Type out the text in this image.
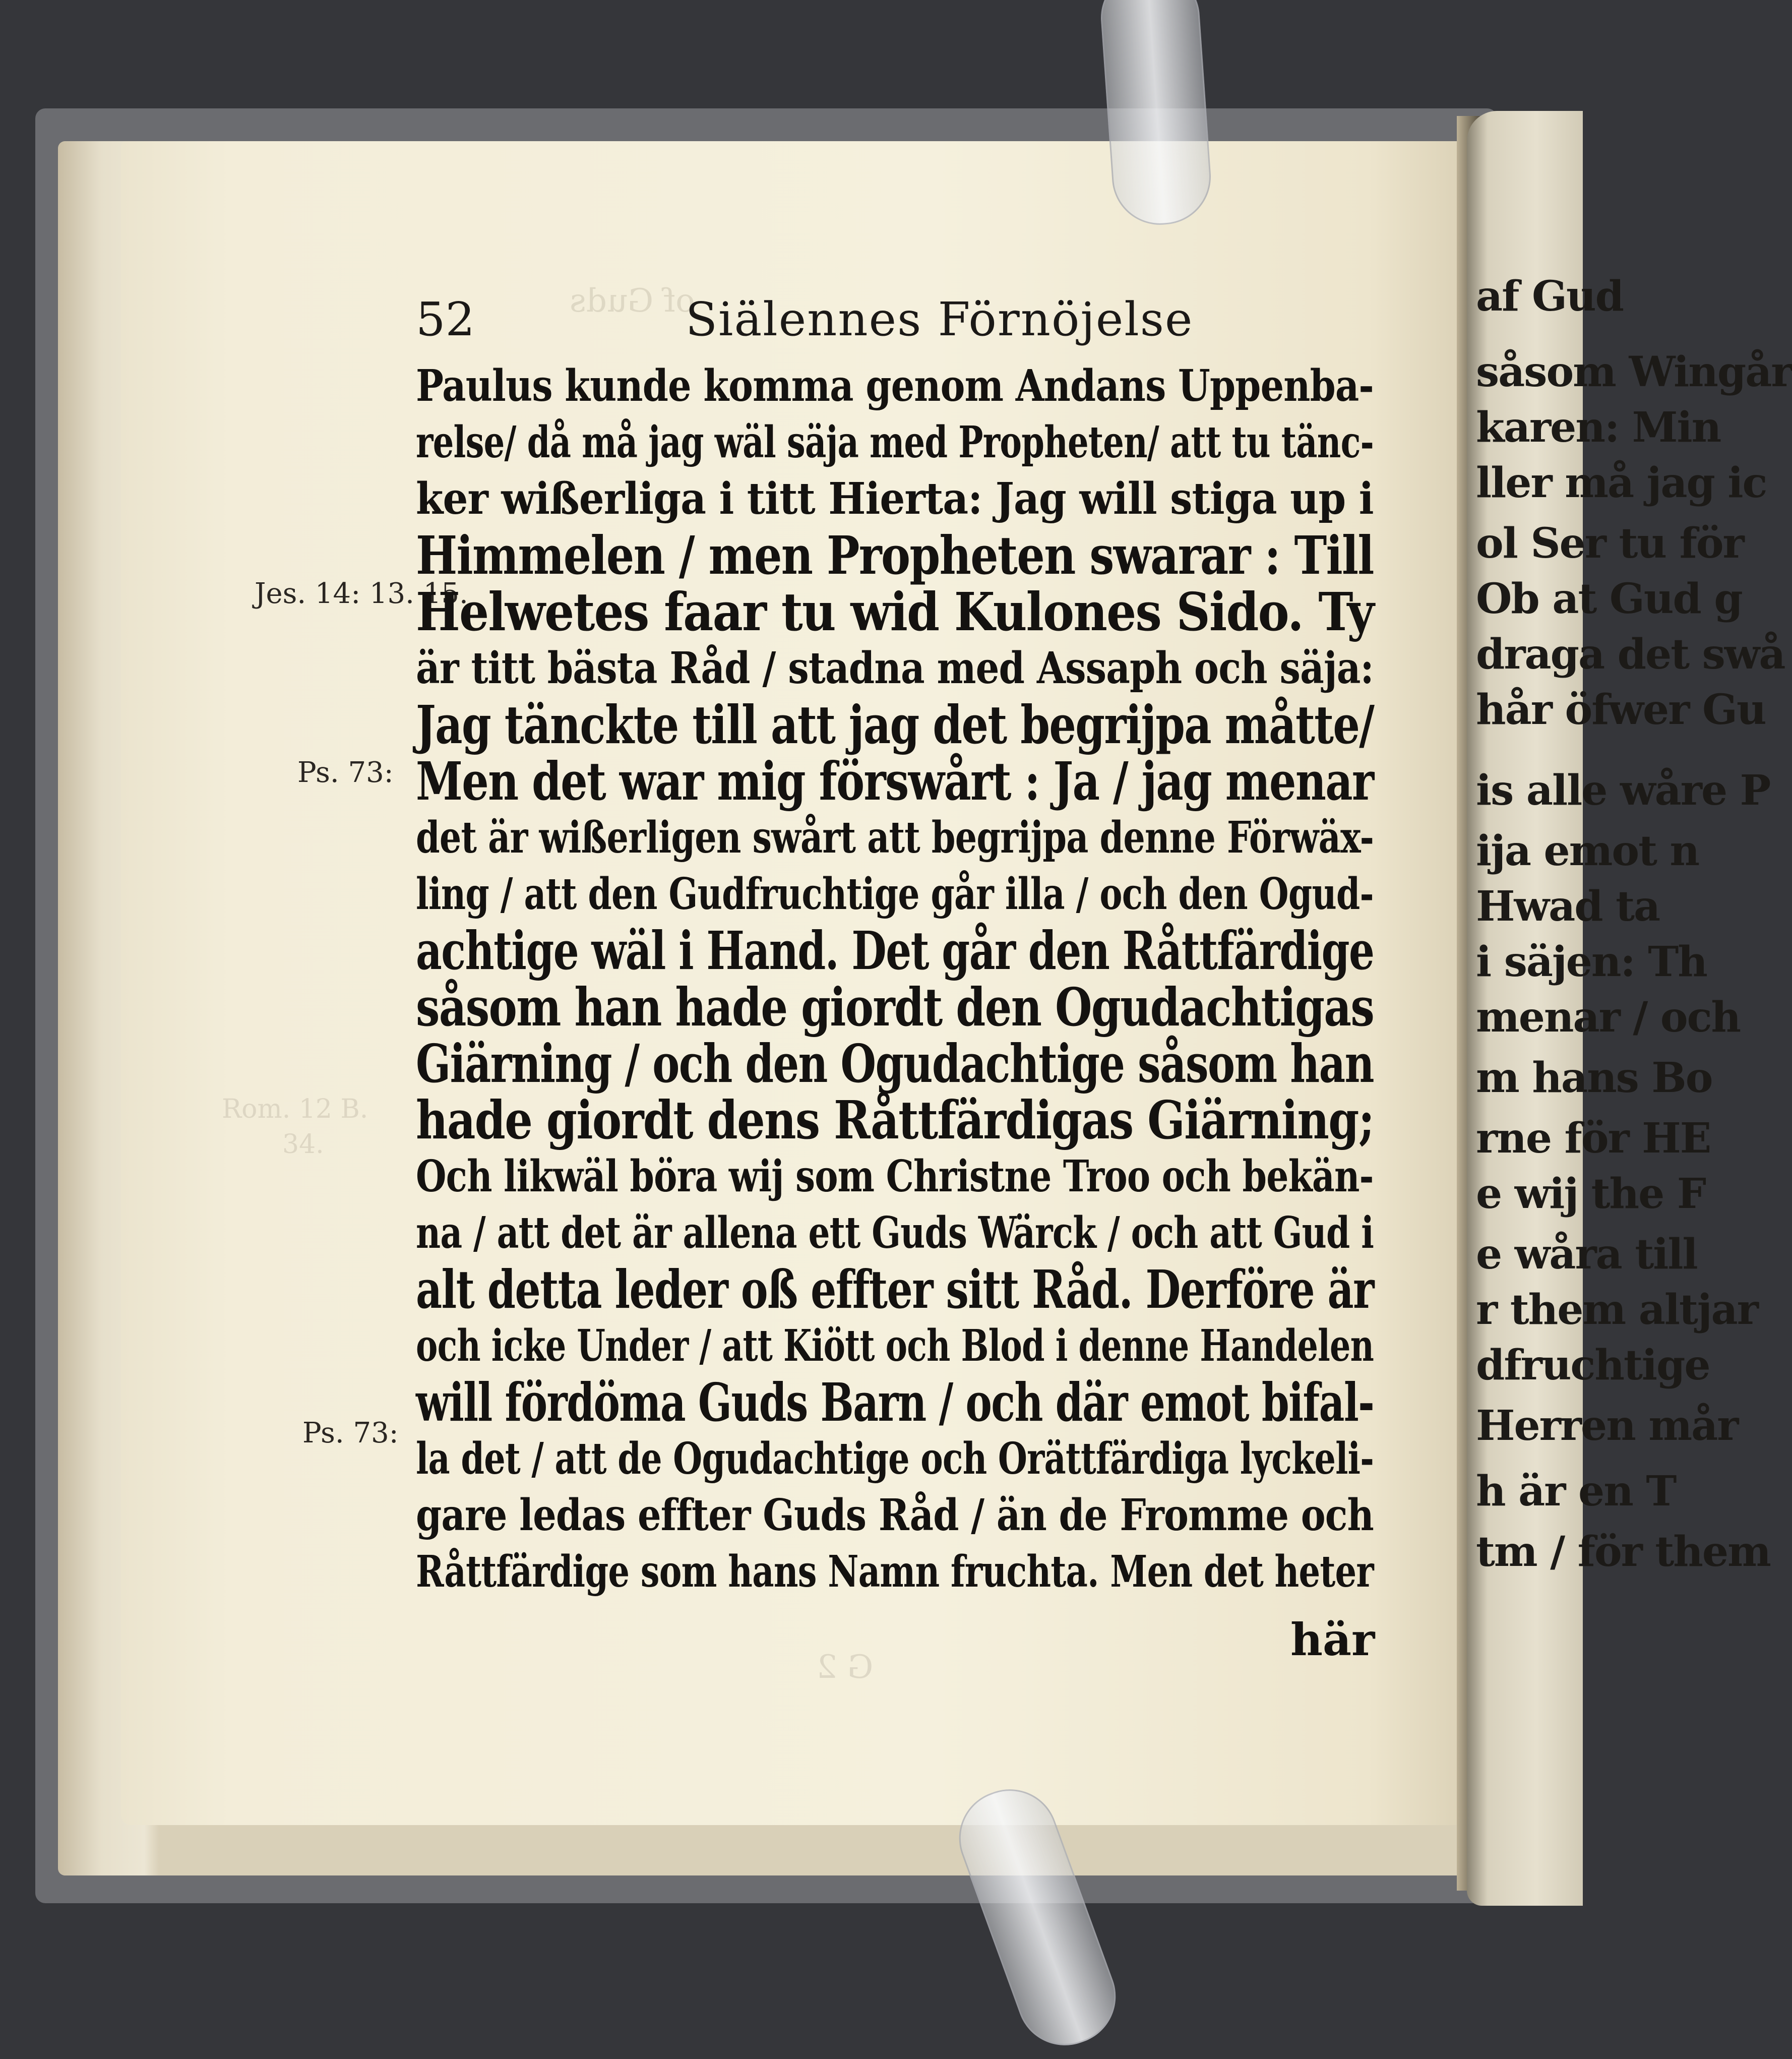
af Gud
såsom Wingår
karen: Min
ller må jag ic
ol Ser tu för
Ob at Gud g
draga det swå
hår öfwer Gu
is alle wåre P
ija emot n
Hwad ta
i säjen: Th
menar / och
m hans Bo
rne för HE
e wij the F
e wåra till
r them altjar
dfruchtige
Herren mår
h är en T
tm / för them
of Guds
Rom. 12 B.
34.
G 2
52	Siälennes Förnöjelse
Jes. 14: 13. 15.
Ps. 73:
Ps. 73:
Paulus kunde komma genom Andans Uppenba-
relse/ då må jag wäl säja med Propheten/ att tu tänc-
ker wißerliga i titt Hierta: Jag will stiga up i
Himmelen / men Propheten swarar : Till
Helwetes faar tu wid Kulones Sido. Ty
är titt bästa Råd / stadna med Assaph och säja:
Jag tänckte till att jag det begrijpa måtte/
Men det war mig förswårt : Ja / jag menar
det är wißerligen swårt att begrijpa denne Förwäx-
ling / att den Gudfruchtige går illa / och den Ogud-
achtige wäl i Hand. Det går den Råttfärdige
såsom han hade giordt den Ogudachtigas
Giärning / och den Ogudachtige såsom han
hade giordt dens Råttfärdigas Giärning;
Och likwäl böra wij som Christne Troo och bekän-
na / att det är allena ett Guds Wärck / och att Gud i
alt detta leder oß effter sitt Råd. Derföre är
och icke Under / att Kiött och Blod i denne Handelen
will fördöma Guds Barn / och där emot bifal-
la det / att de Ogudachtige och Orättfärdiga lyckeli-
gare ledas effter Guds Råd / än de Fromme och
Råttfärdige som hans Namn fruchta. Men det heter
här
